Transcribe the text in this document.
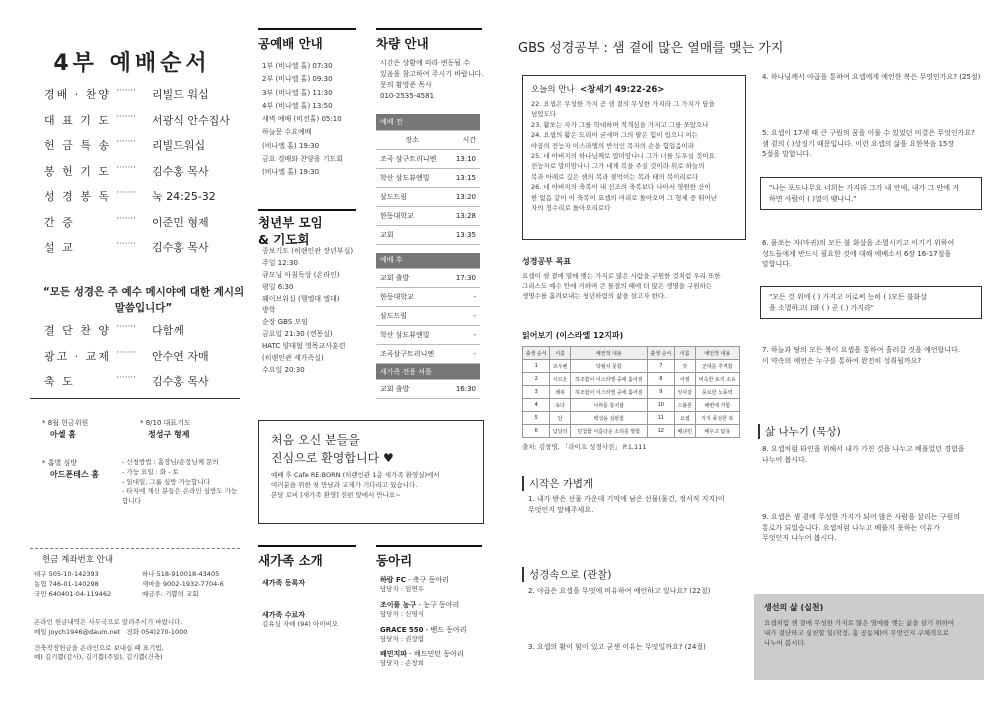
4부 예배순서
경배 · 찬양 ·······	리빌드 워십
대 표 기 도 ·······	서광식 안수집사
헌 금 특 송 ·······	리빌드워십
봉 헌 기 도 ·······	김수홍 목사
성 경 봉 독 ·······	눅 24:25-32
간 증	·······	이준민 형제
설 교	·······	김수홍 목사
“모든 성경은 주 예수 메시야에 대한 계시의 말씀입니다”
결 단 찬 양 ·······	다함께
광고 · 교제 ·······	안수연 자매
축 도	·······	김수홍 목사
* 8월 헌금위원
아셀 홈
* 8/10 대표기도
정성구 형제
* 홈별 심방
아드폰테스 홈
- 신청방법 : 홈장님/순장님께 문의
- 가능 요일 : 화 - 토
- 일대일, 그룹 심방 가능합니다
- 타지에 계신 분들은 온라인 심방도 가능합니다
헌금 계좌번호 안내
대구 505-10-142393	하나 518-910018-43405
농협 746-01-140298	새마을 9002-1932-7704-6
국민 640401-04-119462	예금주: 기쁨의 교회
온라인 헌금내역은 사무국으로 알려주시기 바랍니다.
메일 joych1946@daum.net 전화 054)270-1000
건축작정헌금을 온라인으로 보내실 때 표기법,
예) 김기쁨(감사), 김기쁨(주일), 김기쁨(건축)
공예배 안내
1부 (비나엘 홀) 07:30
2부 (비나엘 홀) 09:30
3부 (비나엘 홀) 11:30
4부 (비나엘 홀) 13:50
새벽 예배 (비전홀) 05:10
하늘문 수요예배
(비나엘 홀) 19:30
금요 경배와 찬양을 기도회
(비나엘 홀) 19:30
청년부 모임
& 기도회
중보기도 (히랜인관 장년부실)
주일 12:30
큐모닝 아침독상 (온라인)
평일 6:30
웨이브워십 (행엘대 엘대)
방학
순장 GBS 모임
금요일 21:30 (캔몽실)
HATC 양대협 영목교사훈련
(히랜인관 세가족실)
수요일 20:30
차량 안내
시간은 상황에 따라 변동될 수
있음을 참고하여 주시기 바랍니다.
문의 황영준 목사
010-2535-4581
예배 전	
장소	시간
조곡 삼구트리니엔	13:10
학산 삼도뷰엔빌	13:15
삼도드림	13:20
한동대학교	13:28
교회	13:35
예배 후	
교회 출발	17:30
한동대학교	-
삼도드림	-
학산 삼도뷰엔빌	-
조곡삼구트리니엔	-
새가족 전용 셔틀	
교회 출발	16:30
처음 오신 분들을
진심으로 환영합니다 ♥
예배 후 Cafe RE:BORN (히랜인관 1층 새가족 환영실)에서
여러분을 위한 첫 만남과 교제가 기다리고 있습니다.
본당 로비 [새가족 환영] 전편 앞에서 만나요~
새가족 소개
새가족 등록자
새가족 수료자
김유심 자매 (94) 아이비오
동아리
하람 FC - 축구 동아리
담당자 : 임연우
조이풀 농구 - 농구 동아리
담당자 : 신영식
GRACE 550 - 밴드 동아리
담당자 : 권장엽
배민지파 - 배드민턴 동아리
담당자 : 손창희
GBS 성경공부 : 샘 곁에 많은 열매를 맺는 가지
오늘의 만나 <창세기 49:22-26>
22. 요셉은 무성한 가지 곧 샘 곁의 무성한 가지라 그 가지가 담을
넘었도다
23. 활쏘는 자가 그를 학대하며 적개심을 가지고 그를 쏘았으나
24. 요셉의 활은 도리어 굳세며 그의 팔은 힘이 있으니 이는
야곱의 전능자 이스라엘의 반석인 목자의 손을 힘입음이라
25. 네 아버지의 하나님께로 말미암나니 그가 너를 도우실 것이요
전능자로 말미암나니 그가 네게 복을 주실 것이라 위로 하늘의
복과 아래로 깊은 샘의 복과 젖먹이는 복과 태의 복이리로다
26. 네 아버지의 축복이 내 선조의 축복보다 나아서 영원한 산이
한 없음 같이 이 축복이 요셉의 머리로 돌아오며 그 형제 중 뛰어난
자의 정수리로 돌아오리로다
성경공부 목표
요셉이 샘 곁에 열매 맺는 가지로 많은 사람을 구원한 것처럼 우리 또한
그리스도 예수 안에 거하며 큰 물결의 때에 더 많은 생명을 구원하는
생명수를 흘려보내는 청년하림의 삶을 살고자 한다.
읽어보기 (이스라엘 12지파)
출생 순서	이름	예언적 내용	출생 순서	이름	예언적 내용
1	르우벤	탁월치 못함	7	갓	군대를 추격함
2	시므온	허조함이 이스라엘 중에 흩어짐	8	아셀	비옥한 토지 소유
3	레위	허조함이 이스라엘 중에 흩어짐	9	잇사갈	풍요한 노동력
4	유다	나라를 통치함	10	스불론	해변에 거함
5	단	백성을 심판함	11	요셉	가지 풍성한 복
6	납달리	민첩함 아름다운 소리를 발함	12	베냐민	배우고 탐욕
출처: 김창영, 「라이프 성경사전」 P.1,111
시작은 가볍게
1. 내가 받은 선물 가운데 기억에 남은 선물(물건, 정서적 지지)이
무엇인지 말해주세요.
성경속으로 (관찰)
2. 야곱은 요셉을 무엇에 비유하여 예언하고 있나요? (22절)
3. 요셉의 활이 힘이 있고 굳센 이유는 무엇일까요? (24절)
4. 하나님께서 야곱을 통하여 요셉에게 예언한 복은 무엇인가요? (25절)
5. 요셉이 17세 때 큰 구원의 꿈을 이룰 수 있었던 비결은 무엇인가요?
샘 곁의 ( )상징기 때문입니다. 이런 요셉의 삶을 요한복음 15장
5절을 말합니다.
"나는 포도나무요 너희는 가지라 그가 내 안에, 내가 그 안에 거
하면 사람이 ( )열이 맺나니."
6. 뭍쏘는 자(마귀)의 모든 불 화살을 소멸시키고 이기기 위하여
성도들에게 반드시 필요한 것에 대해 에베소서 6장 16-17절을
말합니다.
"모든 것 위에 ( ) 가지고 이로써 능히 ( )모든 불화살
을 소멸하고( )와 ( ) 곧 ( ) 가지라"
7. 하늘과 땅의 모든 복이 요셉을 통하여 흘러갈 것을 예언합니다.
이 약속의 예언은 누구를 통하여 완전히 성취될까요?
삶 나누기 (묵상)
8. 요셉처럼 타인을 위해서 내가 가진 것을 나누고 베풀었던 경험을
나누어 봅시다.
9. 요셉은 샘 곁에 무성한 가지가 되어 많은 사람을 살리는 구원의
통로가 되었습니다. 요셉처럼 나누고 베풀지 못하는 이유가
무엇인지 나누어 봅시다.
생선의 삶 (실천)
요셉처럼 샘 곁에 무성한 가지로 많은 열매를 맺는 삶을 살기 위하여
내가 결단하고 실천할 일(작정, 홈 공동체)이 무엇인지 구체적으로
나누어 봅시다.
